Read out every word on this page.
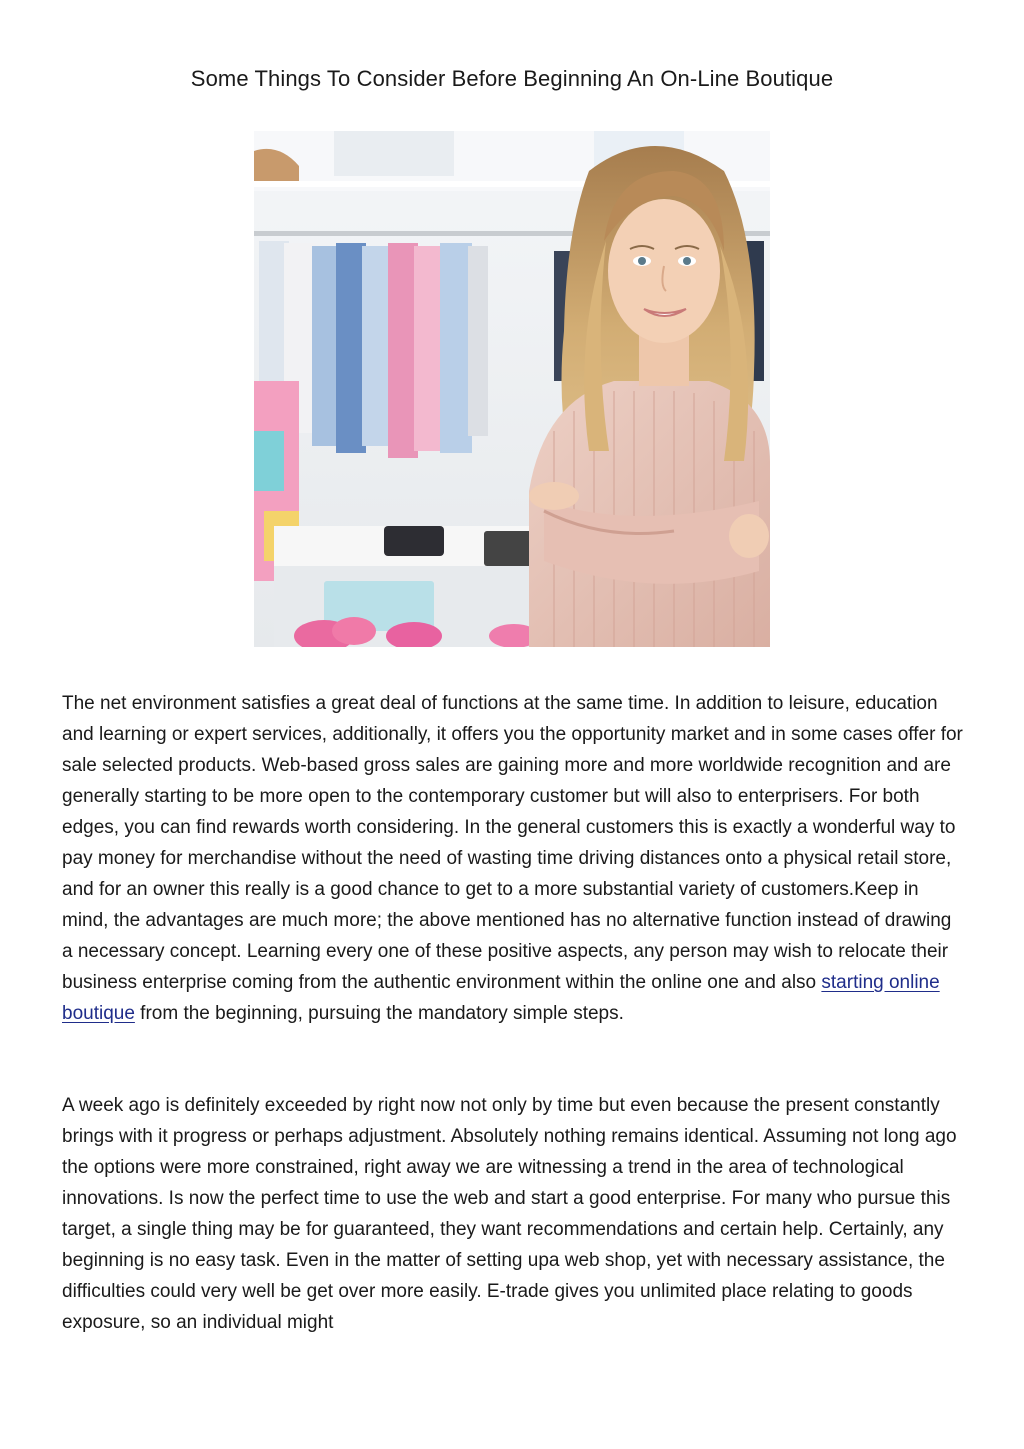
Some Things To Consider Before Beginning An On-Line Boutique

The net environment satisfies a great deal of functions at the same time. In addition to leisure, education and learning or expert services, additionally, it offers you the opportunity market and in some cases offer for sale selected products. Web-based gross sales are gaining more and more worldwide recognition and are generally starting to be more open to the contemporary customer but will also to enterprisers. For both edges, you can find rewards worth considering. In the general customers this is exactly a wonderful way to pay money for merchandise without the need of wasting time driving distances onto a physical retail store, and for an owner this really is a good chance to get to a more substantial variety of customers.Keep in mind, the advantages are much more; the above mentioned has no alternative function instead of drawing a necessary concept. Learning every one of these positive aspects, any person may wish to relocate their business enterprise coming from the authentic environment within the online one and also starting online boutique from the beginning, pursuing the mandatory simple steps.

A week ago is definitely exceeded by right now not only by time but even because the present constantly brings with it progress or perhaps adjustment. Absolutely nothing remains identical. Assuming not long ago the options were more constrained, right away we are witnessing a trend in the area of technological innovations. Is now the perfect time to use the web and start a good enterprise. For many who pursue this target, a single thing may be for guaranteed, they want recommendations and certain help. Certainly, any beginning is no easy task. Even in the matter of setting upa web shop, yet with necessary assistance, the difficulties could very well be get over more easily. E-trade gives you unlimited place relating to goods exposure, so an individual might
